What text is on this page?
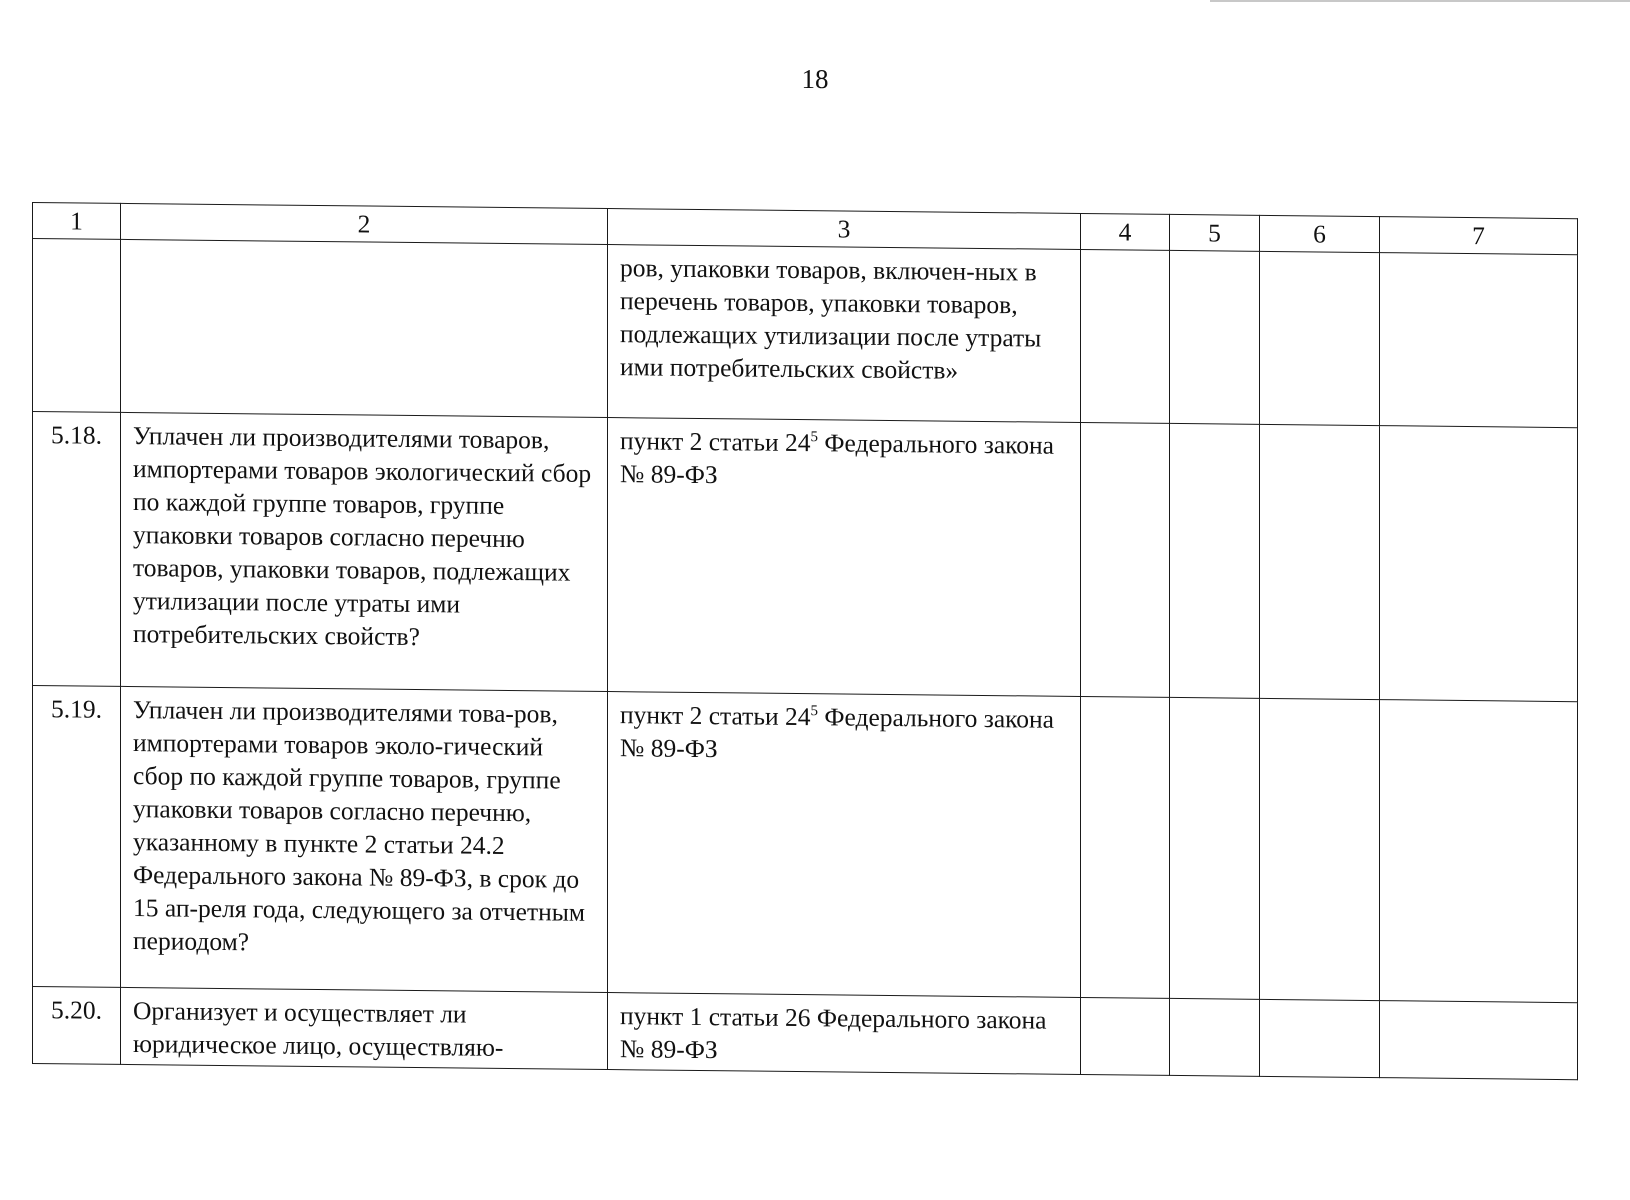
18
1	2	3	4	5	6	7
		ров, упаковки товаров, включен-ных в перечень товаров, упаковки товаров, подлежащих утилизации после утраты ими потребительских свойств»				
5.18.	Уплачен ли производителями товаров, импортерами товаров экологический сбор по каждой группе товаров, группе упаковки товаров согласно перечню товаров, упаковки товаров, подлежащих утилизации после утраты ими потребительских свойств?	пункт 2 статьи $24^5$ Федерального закона № 89-ФЗ				
5.19.	Уплачен ли производителями това-ров, импортерами товаров эколо-гический сбор по каждой группе товаров, группе упаковки товаров согласно перечню, указанному в пункте 2 статьи 24.2 Федерального закона № 89-ФЗ, в срок до 15 ап-реля года, следующего за отчетным периодом?	пункт 2 статьи $24^5$ Федерального закона № 89-ФЗ				
5.20.	Организует и осуществляет ли юридическое лицо, осуществляю-	пункт 1 статьи 26 Федерального закона № 89-ФЗ				
